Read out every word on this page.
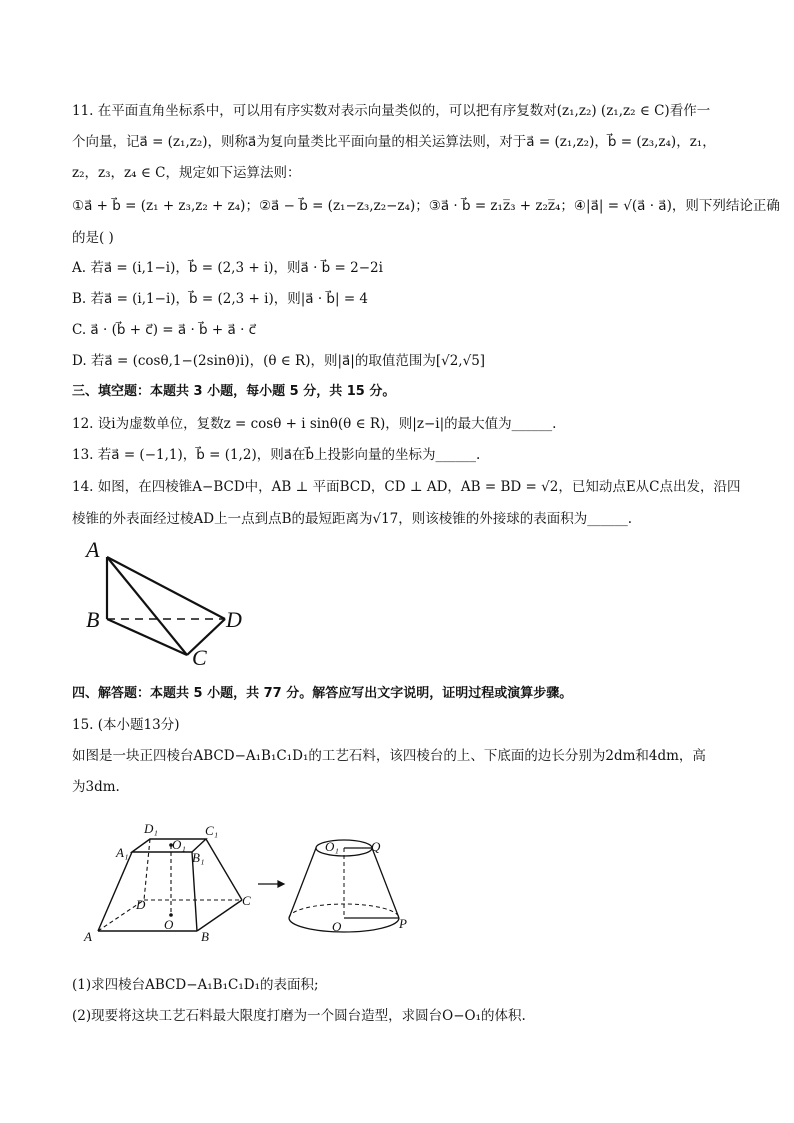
11. 在平面直角坐标系中，可以用有序实数对表示向量类似的，可以把有序复数对(z₁,z₂) (z₁,z₂ ∈ C)看作一
个向量，记a⃗ = (z₁,z₂)，则称a⃗为复向量类比平面向量的相关运算法则，对于a⃗ = (z₁,z₂)，b⃗ = (z₃,z₄)，z₁，
z₂，z₃，z₄ ∈ C，规定如下运算法则：
①a⃗ + b⃗ = (z₁ + z₃,z₂ + z₄)；②a⃗ − b⃗ = (z₁−z₃,z₂−z₄)；③a⃗ · b⃗ = z₁z̅₃ + z₂z̅₄；④|a⃗| = √(a⃗ · a⃗)，则下列结论正确
的是( )
A. 若a⃗ = (i,1−i)，b⃗ = (2,3 + i)，则a⃗ · b⃗ = 2−2i
B. 若a⃗ = (i,1−i)，b⃗ = (2,3 + i)，则|a⃗ · b⃗| = 4
C. a⃗ · (b⃗ + c⃗) = a⃗ · b⃗ + a⃗ · c⃗
D. 若a⃗ = (cosθ,1−(2sinθ)i)，(θ ∈ R)，则|a⃗|的取值范围为[√2,√5]
三、填空题：本题共 3 小题，每小题 5 分，共 15 分。
12. 设i为虚数单位，复数z = cosθ + i sinθ(θ ∈ R)，则|z−i|的最大值为______.
13. 若a⃗ = (−1,1)，b⃗ = (1,2)，则a⃗在b⃗上投影向量的坐标为______.
14. 如图，在四棱锥A−BCD中，AB ⊥ 平面BCD，CD ⊥ AD，AB = BD = √2，已知动点E从C点出发，沿四
棱锥的外表面经过棱AD上一点到点B的最短距离为√17，则该棱锥的外接球的表面积为______.
A
B	D
C
四、解答题：本题共 5 小题，共 77 分。解答应写出文字说明，证明过程或演算步骤。
15. (本小题13分)
如图是一块正四棱台ABCD−A₁B₁C₁D₁的工艺石料，该四棱台的上、下底面的边长分别为2dm和4dm，高
为3dm.
D₁	C₁
A₁
O₁
B₁
D	C
O
A	B
O₁ Q
O	P
(1)求四棱台ABCD−A₁B₁C₁D₁的表面积;
(2)现要将这块工艺石料最大限度打磨为一个圆台造型，求圆台O−O₁的体积.
